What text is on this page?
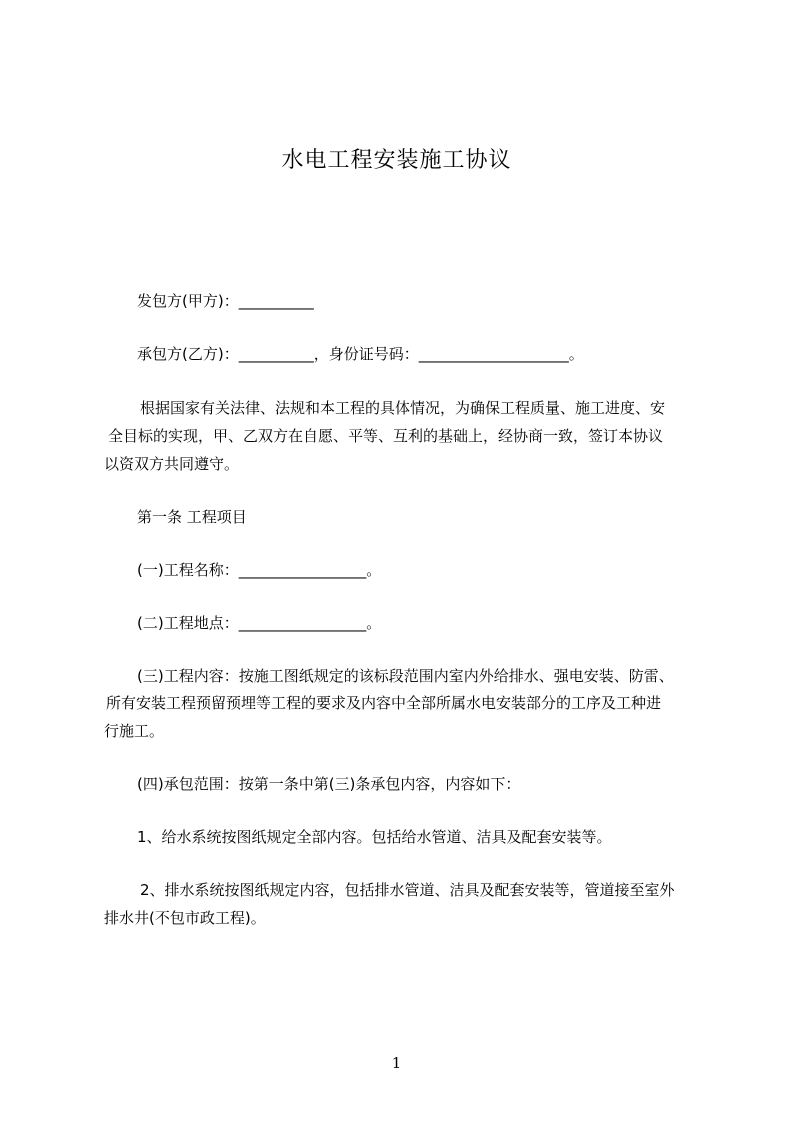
水电工程安装施工协议
发包方(甲方)：__________
承包方(乙方)：__________，身份证号码：____________________。
根据国家有关法律、法规和本工程的具体情况，为确保工程质量、施工进度、安
全目标的实现，甲、乙双方在自愿、平等、互利的基础上，经协商一致，签订本协议
以资双方共同遵守。
第一条 工程项目
(一)工程名称：_________________。
(二)工程地点：_________________。
(三)工程内容：按施工图纸规定的该标段范围内室内外给排水、强电安装、防雷、
所有安装工程预留预埋等工程的要求及内容中全部所属水电安装部分的工序及工种进
行施工。
(四)承包范围：按第一条中第(三)条承包内容，内容如下：
1、给水系统按图纸规定全部内容。包括给水管道、洁具及配套安装等。
2、排水系统按图纸规定内容，包括排水管道、洁具及配套安装等，管道接至室外
排水井(不包市政工程)。
1
